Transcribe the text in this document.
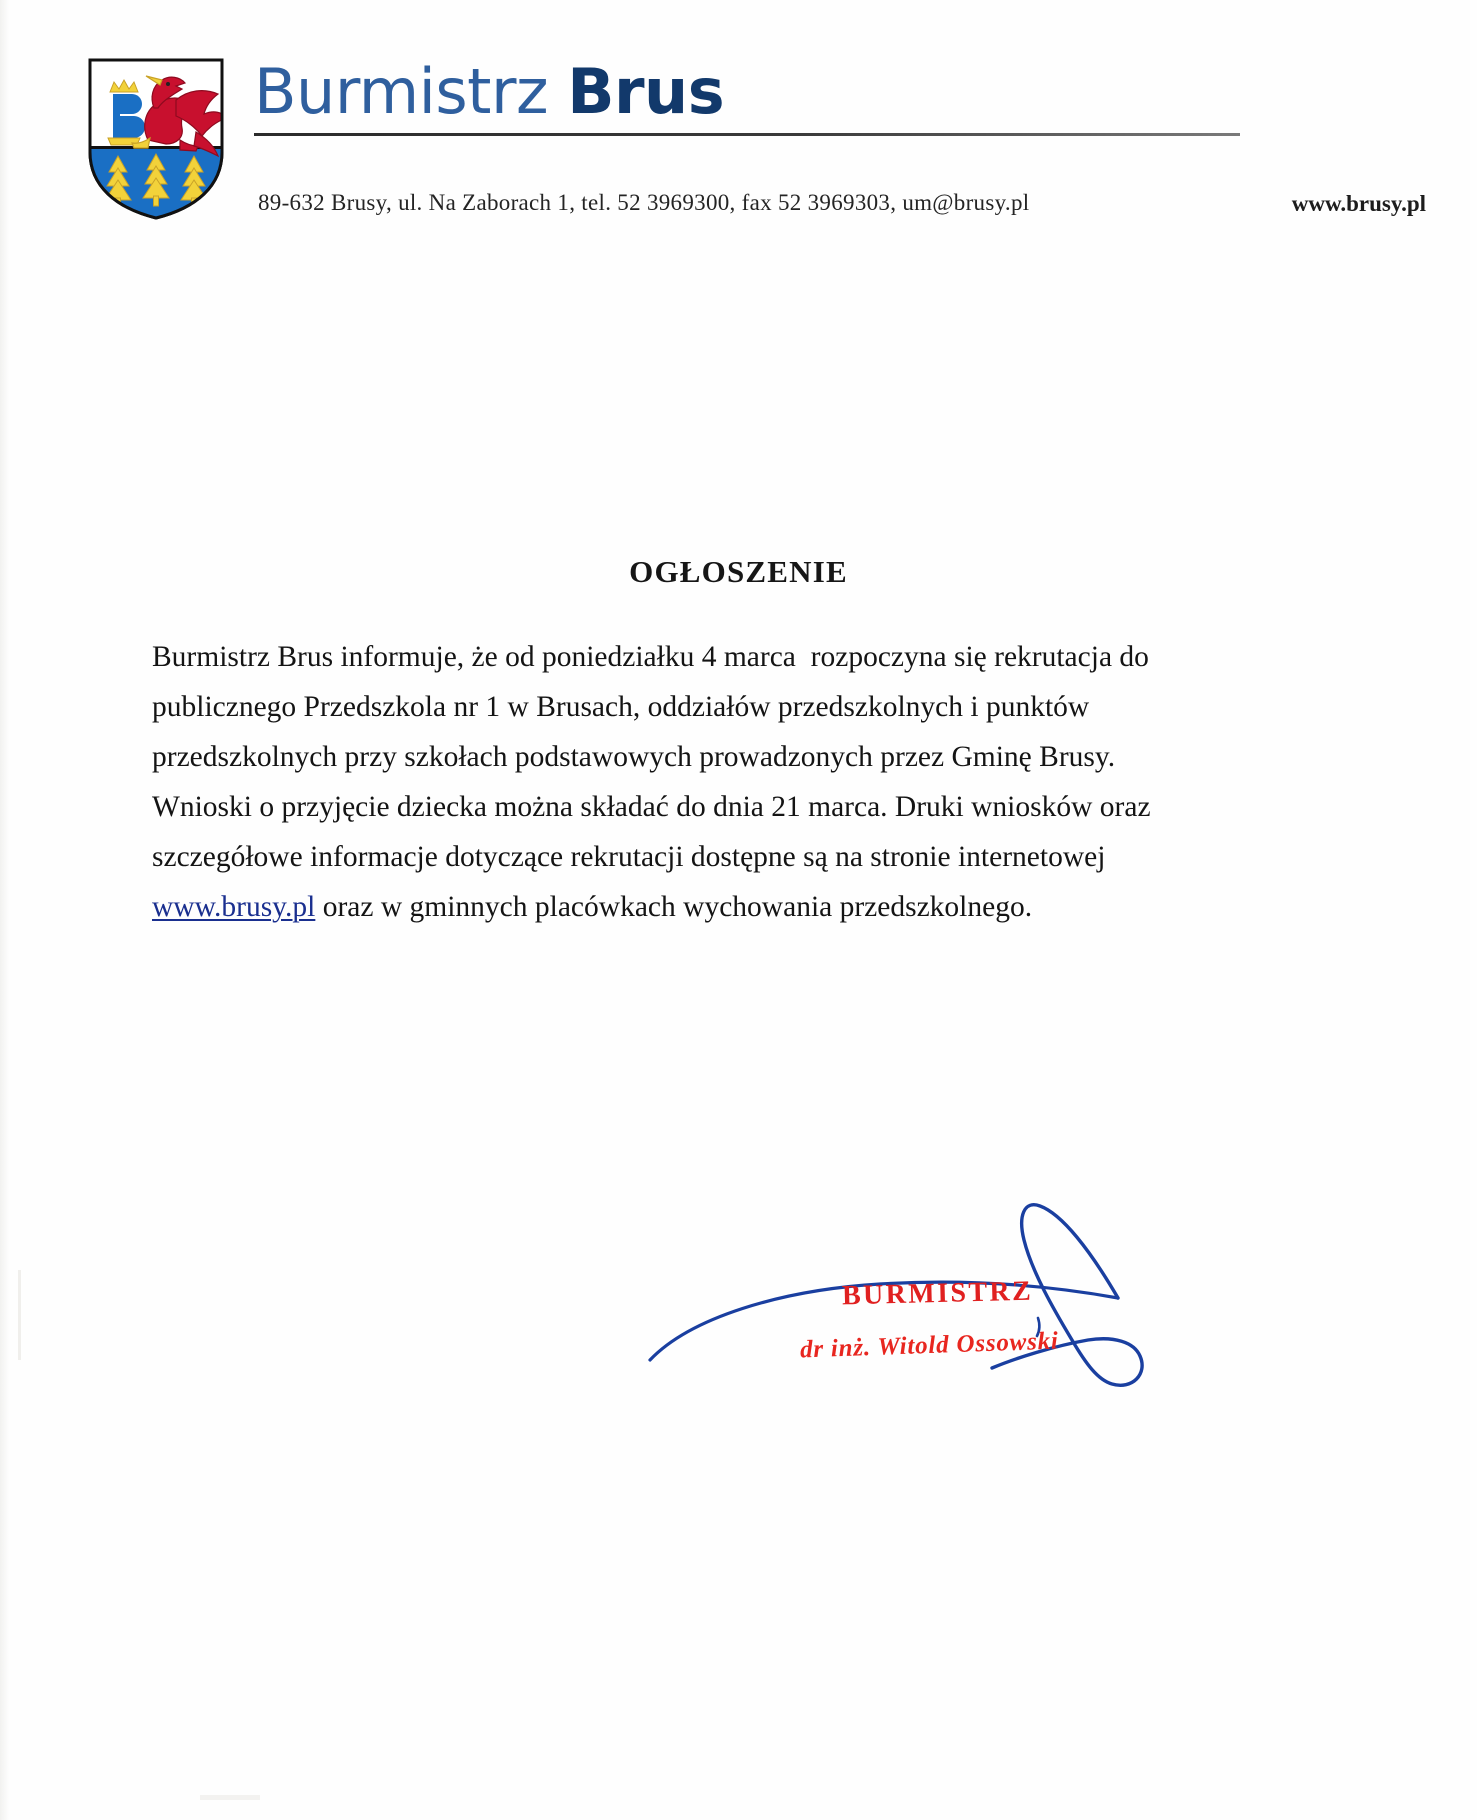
Burmistrz Brus
89-632 Brusy, ul. Na Zaborach 1, tel. 52 3969300, fax 52 3969303, um@brusy.pl	www.brusy.pl
OGŁOSZENIE

Burmistrz Brus informuje, że od poniedziałku 4 marca  rozpoczyna się rekrutacja do publicznego Przedszkola nr 1 w Brusach, oddziałów przedszkolnych i punktów przedszkolnych przy szkołach podstawowych prowadzonych przez Gminę Brusy.  Wnioski o przyjęcie dziecka można składać do dnia 21 marca. Druki wniosków oraz szczegółowe informacje dotyczące rekrutacji dostępne są na stronie internetowej www.brusy.pl oraz w gminnych placówkach wychowania przedszkolnego.

BURMISTRZ
dr inż. Witold Ossowski
